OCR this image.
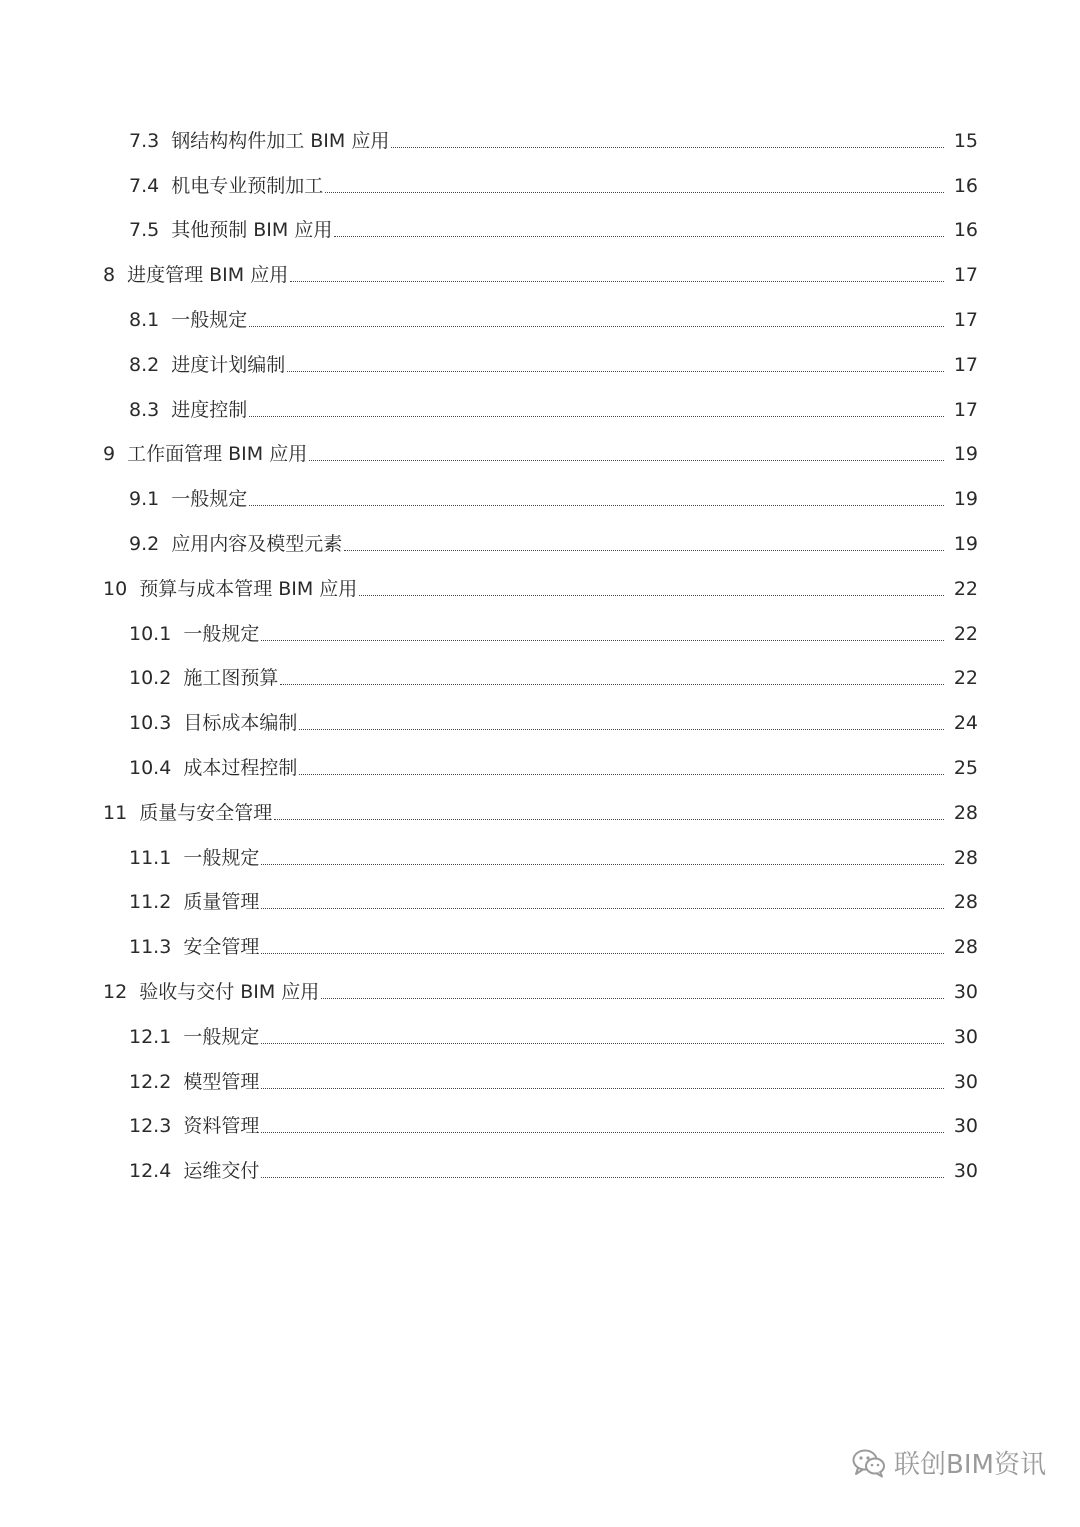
7.3 钢结构构件加工 BIM 应用	15
7.4 机电专业预制加工	16
7.5 其他预制 BIM 应用	16
8 进度管理 BIM 应用	17
8.1 一般规定	17
8.2 进度计划编制	17
8.3 进度控制	17
9 工作面管理 BIM 应用	19
9.1 一般规定	19
9.2 应用内容及模型元素	19
10 预算与成本管理 BIM 应用	22
10.1 一般规定	22
10.2 施工图预算	22
10.3 目标成本编制	24
10.4 成本过程控制	25
11 质量与安全管理	28
11.1 一般规定	28
11.2 质量管理	28
11.3 安全管理	28
12 验收与交付 BIM 应用	30
12.1 一般规定	30
12.2 模型管理	30
12.3 资料管理	30
12.4 运维交付	30
联创BIM资讯
